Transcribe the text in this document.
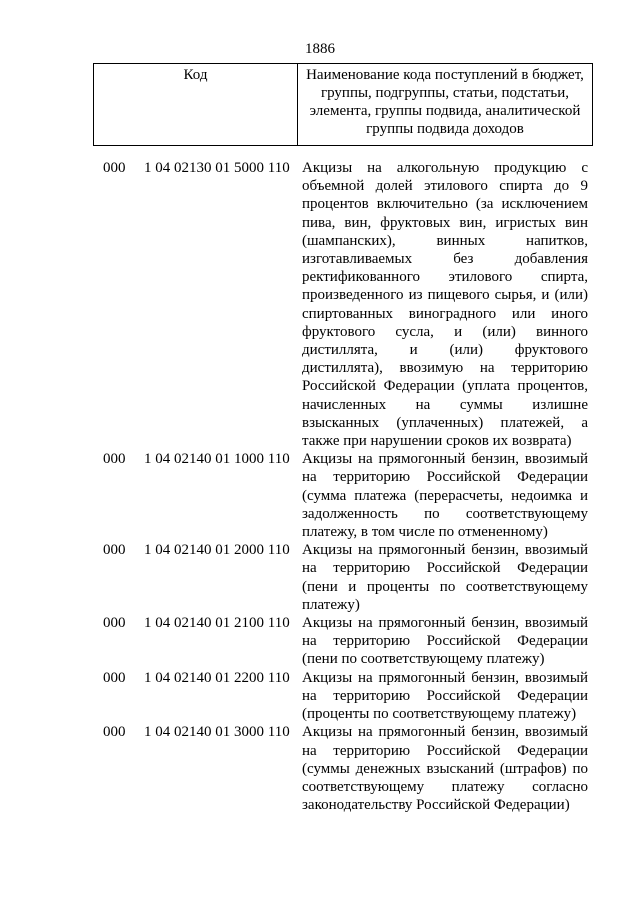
1886
Код	Наименование кода поступлений в бюджет, группы, подгруппы, статьи, подстатьи, элемента, группы подвида, аналитической группы подвида доходов
000 1 04 02130 01 5000 110 Акцизы на алкогольную продукцию с объемной долей этилового спирта до 9 процентов включительно (за исключением пива, вин, фруктовых вин, игристых вин (шампанских), винных напитков, изготавливаемых без добавления ректификованного этилового спирта, произведенного из пищевого сырья, и (или) спиртованных виноградного или иного фруктового сусла, и (или) винного дистиллята, и (или) фруктового дистиллята), ввозимую на территорию Российской Федерации (уплата процентов, начисленных на суммы излишне взысканных (уплаченных) платежей, а также при нарушении сроков их возврата)
000 1 04 02140 01 1000 110 Акцизы на прямогонный бензин, ввозимый на территорию Российской Федерации (сумма платежа (перерасчеты, недоимка и задолженность по соответствующему платежу, в том числе по отмененному)
000 1 04 02140 01 2000 110 Акцизы на прямогонный бензин, ввозимый на территорию Российской Федерации (пени и проценты по соответствующему платежу)
000 1 04 02140 01 2100 110 Акцизы на прямогонный бензин, ввозимый на территорию Российской Федерации (пени по соответствующему платежу)
000 1 04 02140 01 2200 110 Акцизы на прямогонный бензин, ввозимый на территорию Российской Федерации (проценты по соответствующему платежу)
000 1 04 02140 01 3000 110 Акцизы на прямогонный бензин, ввозимый на территорию Российской Федерации (суммы денежных взысканий (штрафов) по соответствующему платежу согласно законодательству Российской Федерации)
